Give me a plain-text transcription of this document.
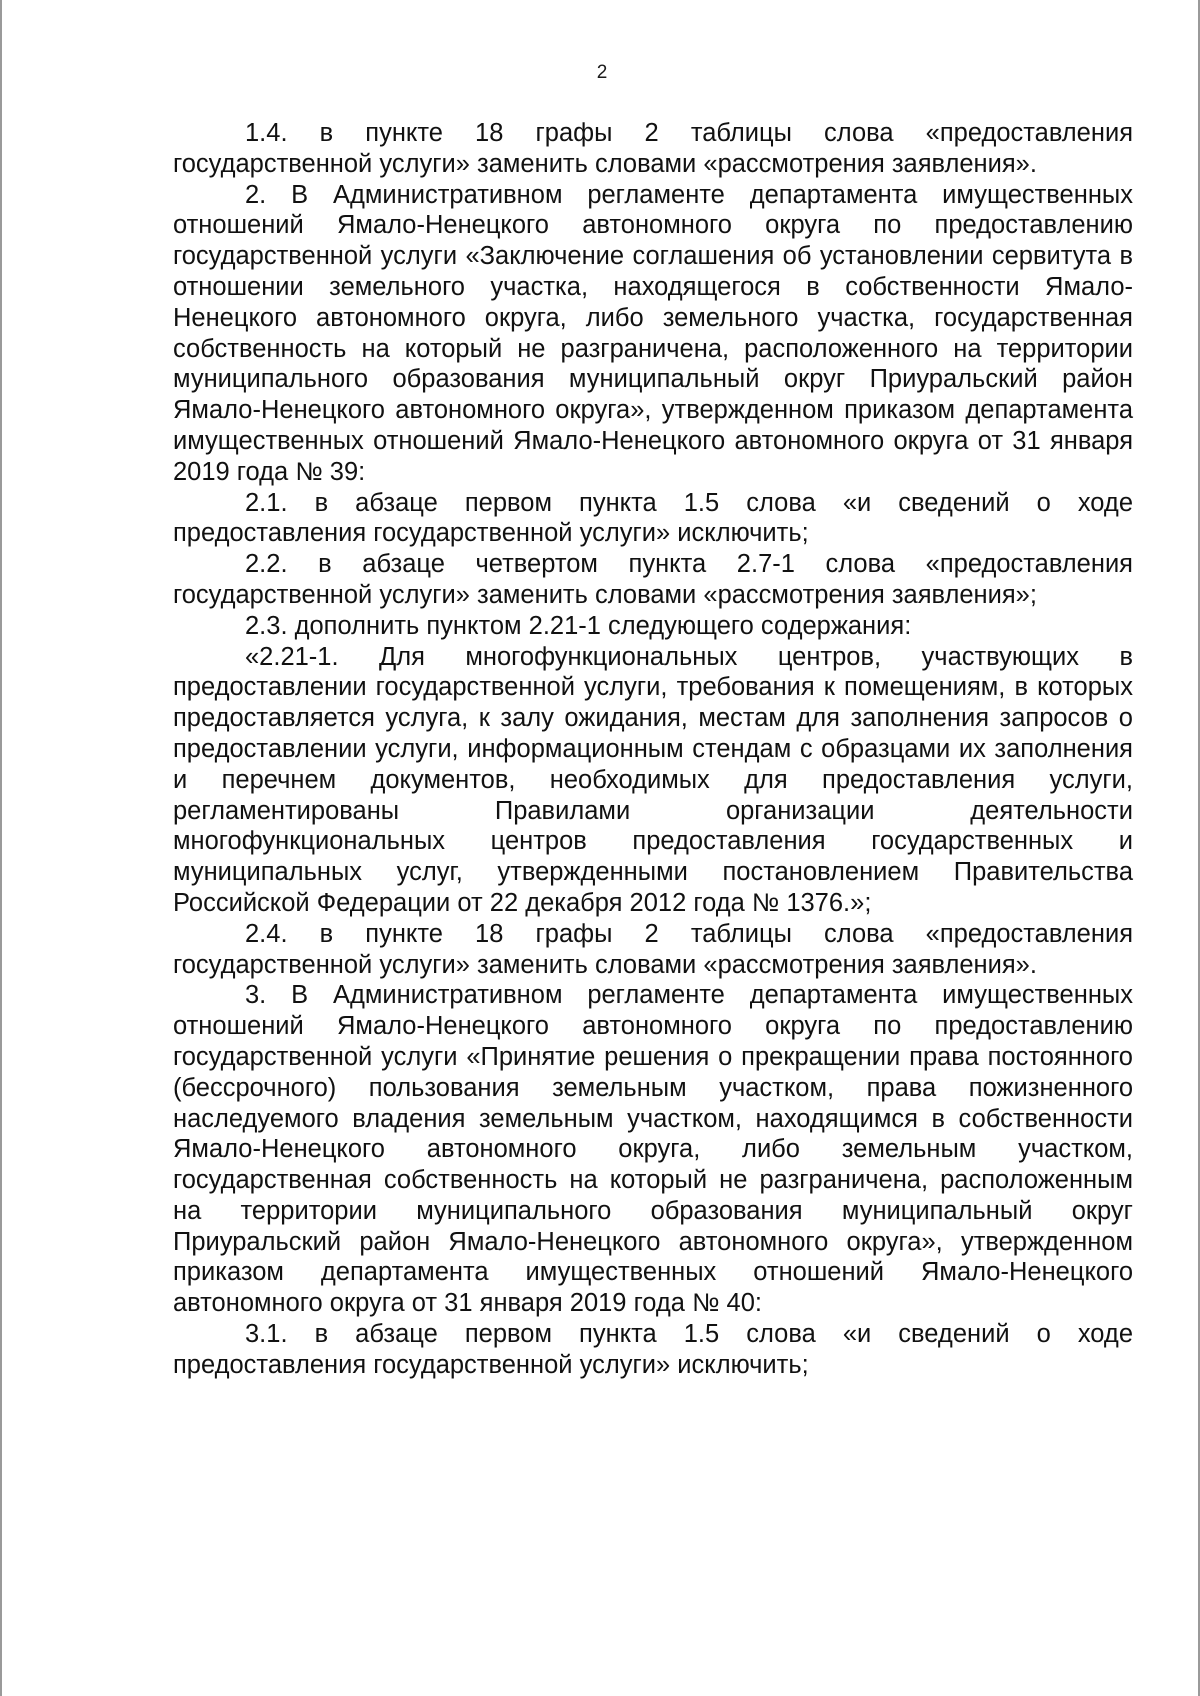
2

1.4. в пункте 18 графы 2 таблицы слова «предоставления государственной услуги» заменить словами «рассмотрения заявления».

2. В Административном регламенте департамента имущественных отношений Ямало-Ненецкого автономного округа по предоставлению государственной услуги «Заключение соглашения об установлении сервитута в отношении земельного участка, находящегося в собственности Ямало-Ненецкого автономного округа, либо земельного участка, государственная собственность на который не разграничена, расположенного на территории муниципального образования муниципальный округ Приуральский район Ямало-Ненецкого автономного округа», утвержденном приказом департамента имущественных отношений Ямало-Ненецкого автономного округа от 31 января 2019 года № 39:

2.1. в абзаце первом пункта 1.5 слова «и сведений о ходе предоставления государственной услуги» исключить;

2.2. в абзаце четвертом пункта 2.7-1 слова «предоставления государственной услуги» заменить словами «рассмотрения заявления»;

2.3. дополнить пунктом 2.21-1 следующего содержания:

«2.21-1. Для многофункциональных центров, участвующих в предоставлении государственной услуги, требования к помещениям, в которых предоставляется услуга, к залу ожидания, местам для заполнения запросов о предоставлении услуги, информационным стендам с образцами их заполнения и перечнем документов, необходимых для предоставления услуги, регламентированы Правилами организации деятельности многофункциональных центров предоставления государственных и муниципальных услуг, утвержденными постановлением Правительства Российской Федерации от 22 декабря 2012 года № 1376.»;

2.4. в пункте 18 графы 2 таблицы слова «предоставления государственной услуги» заменить словами «рассмотрения заявления».

3. В Административном регламенте департамента имущественных отношений Ямало-Ненецкого автономного округа по предоставлению государственной услуги «Принятие решения о прекращении права постоянного (бессрочного) пользования земельным участком, права пожизненного наследуемого владения земельным участком, находящимся в собственности Ямало-Ненецкого автономного округа, либо земельным участком, государственная собственность на который не разграничена, расположенным на территории муниципального образования муниципальный округ Приуральский район Ямало-Ненецкого автономного округа», утвержденном приказом департамента имущественных отношений Ямало-Ненецкого автономного округа от 31 января 2019 года № 40:

3.1. в абзаце первом пункта 1.5 слова «и сведений о ходе предоставления государственной услуги» исключить;
